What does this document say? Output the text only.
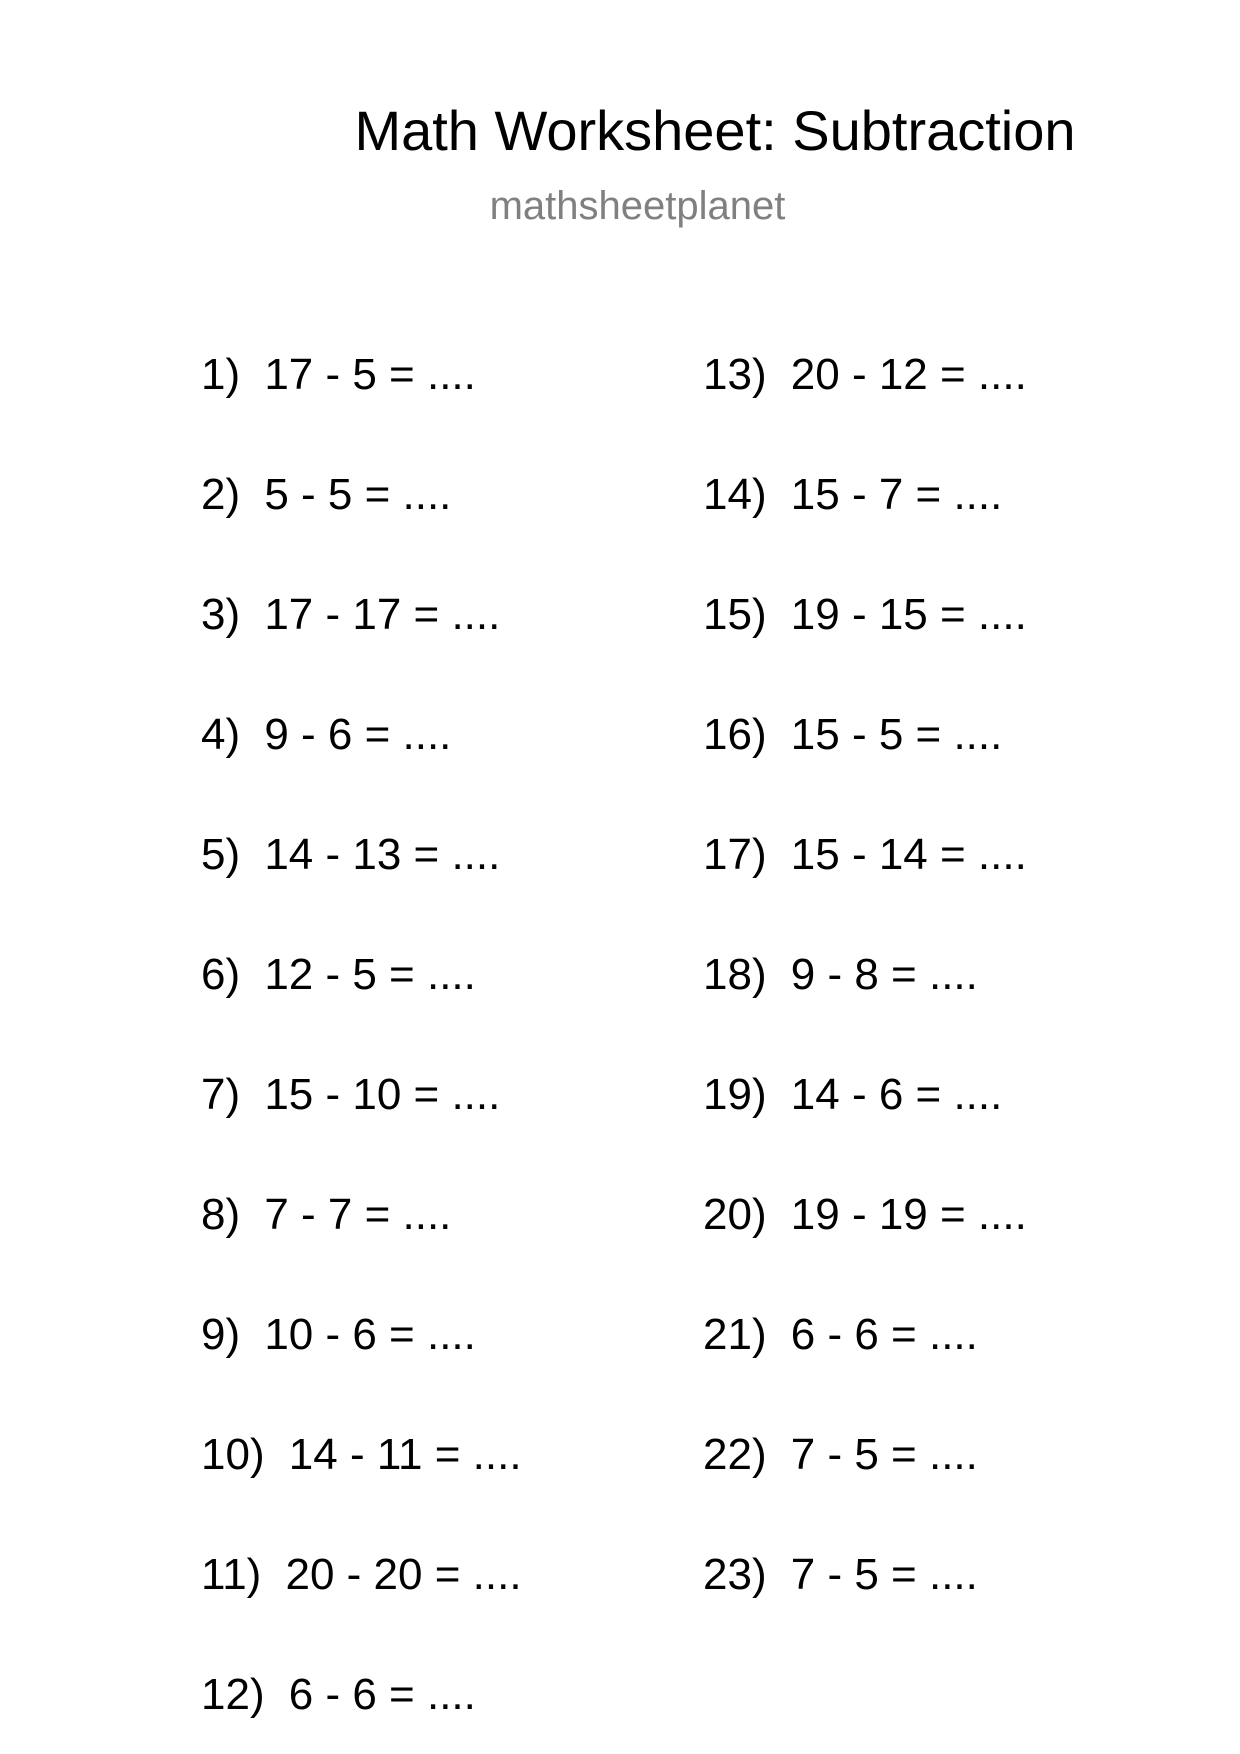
Math Worksheet: Subtraction
mathsheetplanet
1) 17 - 5 = ....
2) 5 - 5 = ....
3) 17 - 17 = ....
4) 9 - 6 = ....
5) 14 - 13 = ....
6) 12 - 5 = ....
7) 15 - 10 = ....
8) 7 - 7 = ....
9) 10 - 6 = ....
10) 14 - 11 = ....
11) 20 - 20 = ....
12) 6 - 6 = ....
13) 20 - 12 = ....
14) 15 - 7 = ....
15) 19 - 15 = ....
16) 15 - 5 = ....
17) 15 - 14 = ....
18) 9 - 8 = ....
19) 14 - 6 = ....
20) 19 - 19 = ....
21) 6 - 6 = ....
22) 7 - 5 = ....
23) 7 - 5 = ....
